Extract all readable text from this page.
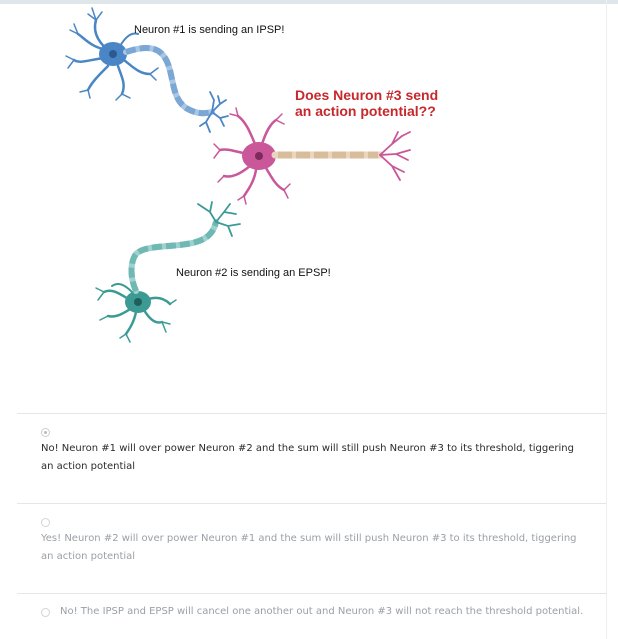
Neuron #1 is sending an IPSP!
Neuron #2 is sending an EPSP!
Does Neuron #3 send
an action potential??
No! Neuron #1 will over power Neuron #2 and the sum will still push Neuron #3 to its threshold, tiggering an action potential
Yes! Neuron #2 will over power Neuron #1 and the sum will still push Neuron #3 to its threshold, tiggering an action potential
No! The IPSP and EPSP will cancel one another out and Neuron #3 will not reach the threshold potential.
